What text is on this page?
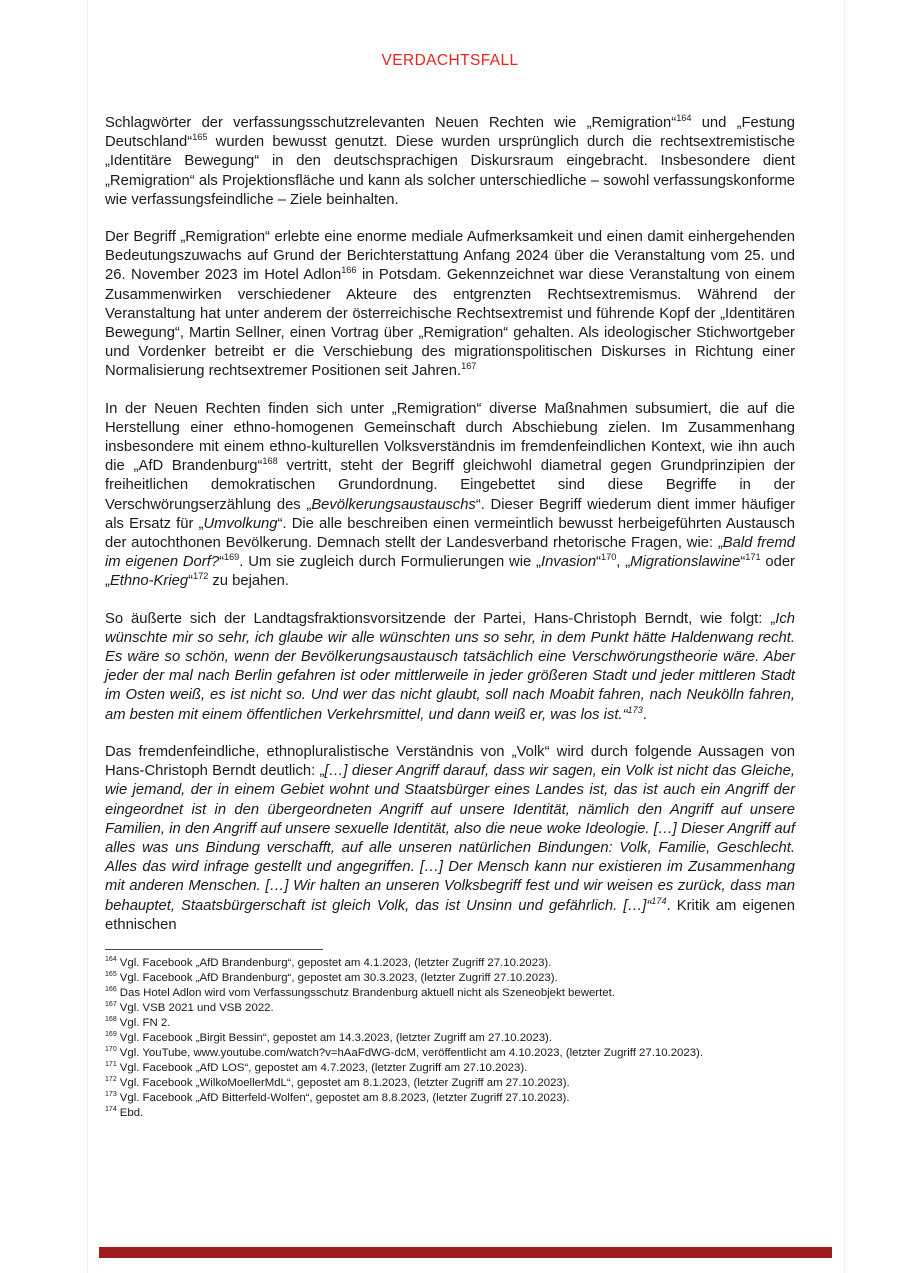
VERDACHTSFALL

Schlagwörter der verfassungsschutzrelevanten Neuen Rechten wie „Remigration“$^{164}$ und „Festung Deutschland“$^{165}$ wurden bewusst genutzt. Diese wurden ursprünglich durch die rechtsextremistische „Identitäre Bewegung“ in den deutschsprachigen Diskursraum eingebracht. Insbesondere dient „Remigration“ als Projektionsfläche und kann als solcher unterschiedliche – sowohl verfassungskonforme wie verfassungsfeindliche – Ziele beinhalten.

Der Begriff „Remigration“ erlebte eine enorme mediale Aufmerksamkeit und einen damit einhergehenden Bedeutungszuwachs auf Grund der Berichterstattung Anfang 2024 über die Veranstaltung vom 25. und 26. November 2023 im Hotel Adlon$^{166}$ in Potsdam. Gekennzeichnet war diese Veranstaltung von einem Zusammenwirken verschiedener Akteure des entgrenzten Rechtsextremismus. Während der Veranstaltung hat unter anderem der österreichische Rechtsextremist und führende Kopf der „Identitären Bewegung“, Martin Sellner, einen Vortrag über „Remigration“ gehalten. Als ideologischer Stichwortgeber und Vordenker betreibt er die Verschiebung des migrationspolitischen Diskurses in Richtung einer Normalisierung rechtsextremer Positionen seit Jahren.$^{167}$

In der Neuen Rechten finden sich unter „Remigration“ diverse Maßnahmen subsumiert, die auf die Herstellung einer ethno-homogenen Gemeinschaft durch Abschiebung zielen. Im Zusammenhang insbesondere mit einem ethno-kulturellen Volksverständnis im fremdenfeindlichen Kontext, wie ihn auch die „AfD Brandenburg“$^{168}$ vertritt, steht der Begriff gleichwohl diametral gegen Grundprinzipien der freiheitlichen demokratischen Grundordnung. Eingebettet sind diese Begriffe in der Verschwörungserzählung des „Bevölkerungsaustauschs“. Dieser Begriff wiederum dient immer häufiger als Ersatz für „Umvolkung“. Die alle beschreiben einen vermeintlich bewusst herbeigeführten Austausch der autochthonen Bevölkerung. Demnach stellt der Landesverband rhetorische Fragen, wie: „Bald fremd im eigenen Dorf?“$^{169}$. Um sie zugleich durch Formulierungen wie „Invasion“$^{170}$, „Migrationslawine“$^{171}$ oder „Ethno-Krieg“$^{172}$ zu bejahen.

So äußerte sich der Landtagsfraktionsvorsitzende der Partei, Hans-Christoph Berndt, wie folgt: „Ich wünschte mir so sehr, ich glaube wir alle wünschten uns so sehr, in dem Punkt hätte Haldenwang recht. Es wäre so schön, wenn der Bevölkerungsaustausch tatsächlich eine Verschwörungstheorie wäre. Aber jeder der mal nach Berlin gefahren ist oder mittlerweile in jeder größeren Stadt und jeder mittleren Stadt im Osten weiß, es ist nicht so. Und wer das nicht glaubt, soll nach Moabit fahren, nach Neukölln fahren, am besten mit einem öffentlichen Verkehrsmittel, und dann weiß er, was los ist.“$^{173}$.

Das fremdenfeindliche, ethnopluralistische Verständnis von „Volk“ wird durch folgende Aussagen von Hans-Christoph Berndt deutlich: „[…] dieser Angriff darauf, dass wir sagen, ein Volk ist nicht das Gleiche, wie jemand, der in einem Gebiet wohnt und Staatsbürger eines Landes ist, das ist auch ein Angriff der eingeordnet ist in den übergeordneten Angriff auf unsere Identität, nämlich den Angriff auf unsere Familien, in den Angriff auf unsere sexuelle Identität, also die neue woke Ideologie. […] Dieser Angriff auf alles was uns Bindung verschafft, auf alle unseren natürlichen Bindungen: Volk, Familie, Geschlecht. Alles das wird infrage gestellt und angegriffen. […] Der Mensch kann nur existieren im Zusammenhang mit anderen Menschen. […] Wir halten an unseren Volksbegriff fest und wir weisen es zurück, dass man behauptet, Staatsbürgerschaft ist gleich Volk, das ist Unsinn und gefährlich. […]“$^{174}$. Kritik am eigenen ethnischen

$^{164}$ Vgl. Facebook „AfD Brandenburg“, gepostet am 4.1.2023, (letzter Zugriff 27.10.2023).
$^{165}$ Vgl. Facebook „AfD Brandenburg“, gepostet am 30.3.2023, (letzter Zugriff 27.10.2023).
$^{166}$ Das Hotel Adlon wird vom Verfassungsschutz Brandenburg aktuell nicht als Szeneobjekt bewertet.
$^{167}$ Vgl. VSB 2021 und VSB 2022.
$^{168}$ Vgl. FN 2.
$^{169}$ Vgl. Facebook „Birgit Bessin“, gepostet am 14.3.2023, (letzter Zugriff am 27.10.2023).
$^{170}$ Vgl. YouTube, www.youtube.com/watch?v=hAaFdWG-dcM, veröffentlicht am 4.10.2023, (letzter Zugriff 27.10.2023).
$^{171}$ Vgl. Facebook „AfD LOS“, gepostet am 4.7.2023, (letzter Zugriff am 27.10.2023).
$^{172}$ Vgl. Facebook „WilkoMoellerMdL“, gepostet am 8.1.2023, (letzter Zugriff am 27.10.2023).
$^{173}$ Vgl. Facebook „AfD Bitterfeld-Wolfen“, gepostet am 8.8.2023, (letzter Zugriff 27.10.2023).
$^{174}$ Ebd.
